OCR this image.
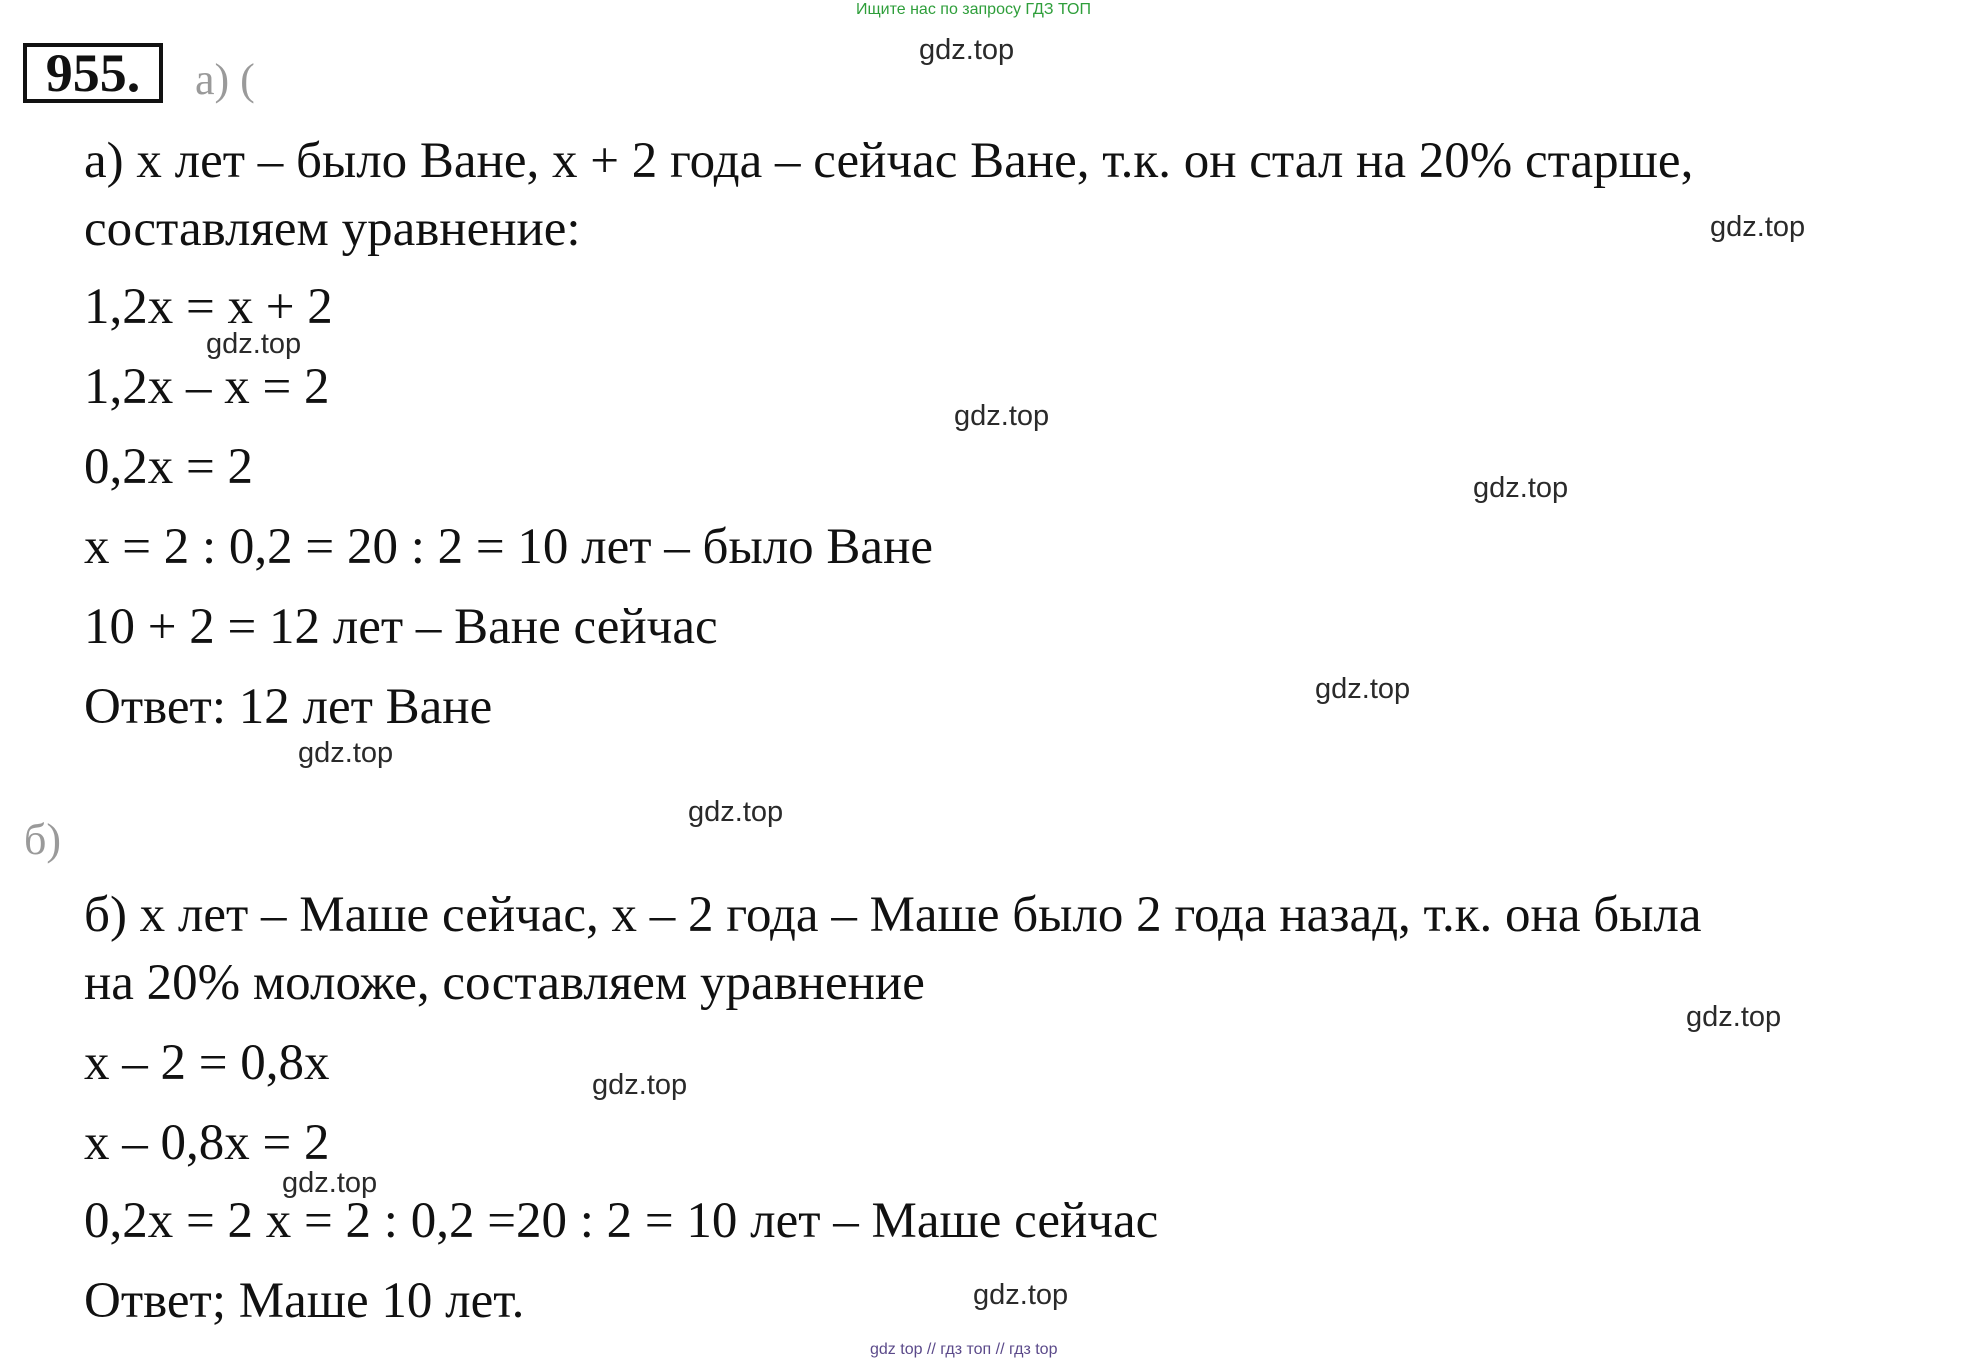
Ищите нас по запросу ГДЗ ТОП
955.	а) (
а) x лет – было Ване, x + 2 года – сейчас Ване, т.к. он стал на 20% старше,
составляем уравнение:
1,2x = x + 2
1,2x – x = 2
0,2x = 2
x = 2 : 0,2 = 20 : 2 = 10 лет – было Ване
10 + 2 = 12 лет – Ване сейчас
Ответ: 12 лет Ване
б)
б) x лет – Маше сейчас, x – 2 года – Маше было 2 года назад, т.к. она была
на 20% моложе, составляем уравнение
x – 2 = 0,8x
x – 0,8x = 2
0,2x = 2 x = 2 : 0,2 =20 : 2 = 10 лет – Маше сейчас
Ответ; Маше 10 лет.
gdz.top
gdz.top
gdz.top
gdz.top
gdz.top
gdz.top
gdz.top
gdz.top
gdz.top
gdz.top
gdz.top
gdz.top
gdz top // гдз топ // гдз top
